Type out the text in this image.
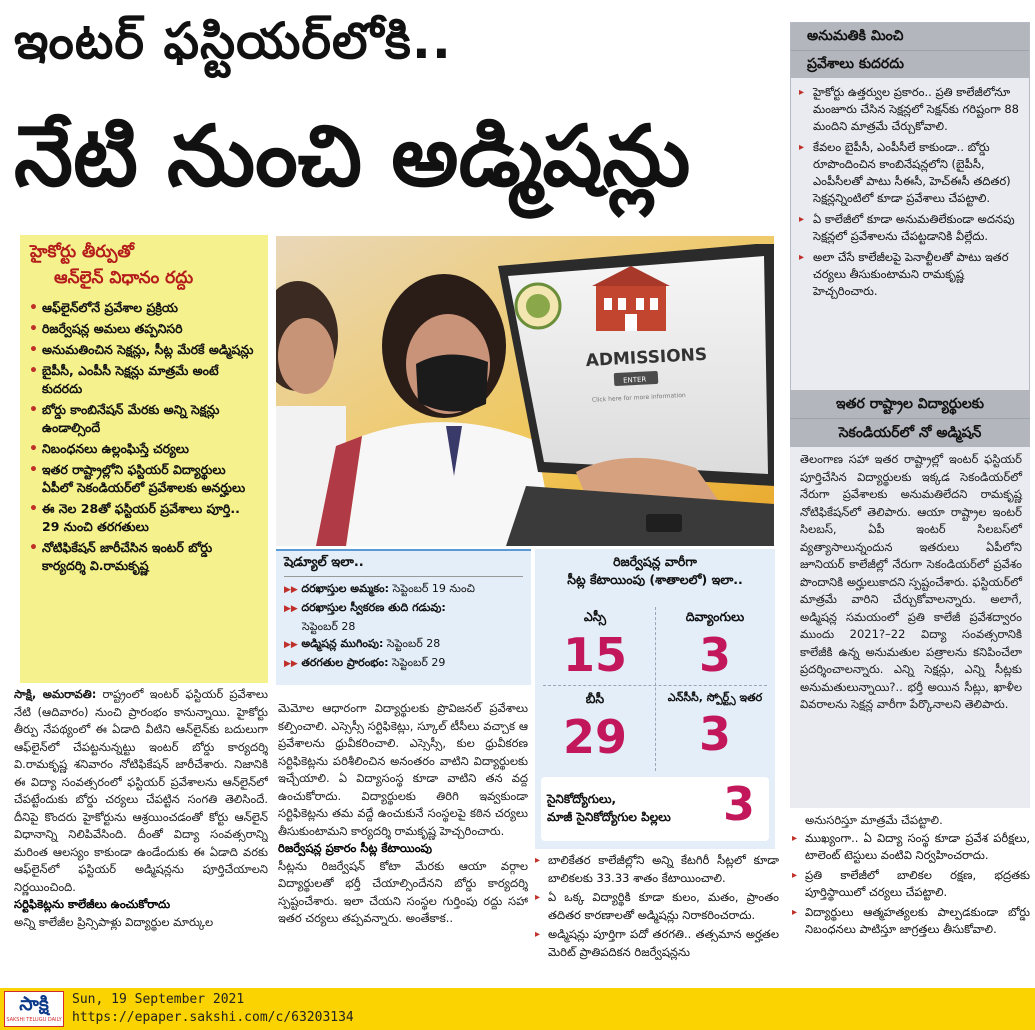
ఇంటర్ ఫస్టియర్‌లోకి..
నేటి నుంచి అడ్మిషన్లు
హైకోర్టు తీర్పుతో
ఆన్‌లైన్ విధానం రద్దు
• ఆఫ్‌లైన్‌లోనే ప్రవేశాల ప్రక్రియ
• రిజర్వేషన్ల అమలు తప్పనిసరి
• అనుమతించిన సెక్షన్లు, సీట్ల మేరకే అడ్మిషన్లు
• బైపీసీ, ఎంపీసీ సెక్షన్లు మాత్రమే అంటే కుదరదు
• బోర్డు కాంబినేషన్ మేరకు అన్ని సెక్షన్లు ఉండాల్సిందే
• నిబంధనలు ఉల్లంఘిస్తే చర్యలు
• ఇతర రాష్ట్రాల్లోని ఫస్టియర్ విద్యార్థులు ఏపీలో సెకండియర్‌లో ప్రవేశాలకు అనర్హులు
• ఈ నెల 28తో ఫస్టియర్ ప్రవేశాలు పూర్తి.. 29 నుంచి తరగతులు
• నోటిఫికేషన్ జారీచేసిన ఇంటర్ బోర్డు కార్యదర్శి వి.రామకృష్ణ
ADMISSIONS
ENTER
Click here for more information
షెడ్యూల్ ఇలా..
▶▶ దరఖాస్తుల అమ్మకం: సెప్టెంబర్ 19 నుంచి
▶▶ దరఖాస్తుల స్వీకరణ తుది గడువు:
సెప్టెంబర్ 28
▶▶ అడ్మిషన్ల ముగింపు: సెప్టెంబర్ 28
▶▶ తరగతుల ప్రారంభం: సెప్టెంబర్ 29
రిజర్వేషన్ల వారీగా
సీట్ల కేటాయింపు (శాతాలలో) ఇలా..
ఎస్సీ
15
దివ్యాంగులు
3
బీసీ
29
ఎన్‌సీసీ, స్పోర్ట్స్ ఇతర
3
సైనికోద్యోగులు,
మాజీ సైనికోద్యోగుల పిల్లలు 3
సాక్షి, అమరావతి: రాష్ట్రంలో ఇంటర్ ఫస్టియర్ ప్రవేశాలు నేటి (ఆదివారం) నుంచి ప్రారంభం కానున్నాయి. హైకోర్టు తీర్పు నేపథ్యంలో ఈ ఏడాది వీటిని ఆన్‌లైన్‌కు బదులుగా ఆఫ్‌లైన్‌లో చేపట్టనున్నట్టు ఇంటర్ బోర్డు కార్యదర్శి వి.రామకృష్ణ శనివారం నోటిఫికేషన్ జారీచేశారు. నిజానికి ఈ విద్యా సంవత్సరంలో ఫస్టియర్ ప్రవేశాలను ఆన్‌లైన్‌లో చేపట్టేందుకు బోర్డు చర్యలు చేపట్టిన సంగతి తెలిసిందే. దీనిపై కొందరు హైకోర్టును ఆశ్రయించడంతో కోర్టు ఆన్‌లైన్ విధానాన్ని నిలిపివేసింది. దీంతో విద్యా సంవత్సరాన్ని మరింత ఆలస్యం కాకుండా ఉండేందుకు ఈ ఏడాది వరకు ఆఫ్‌లైన్‌లో ఫస్టియర్ అడ్మిషన్లను పూర్తిచేయాలని నిర్ణయించింది.
సర్టిఫికెట్లను కాలేజీలు ఉంచుకోరాదు
అన్ని కాలేజీల ప్రిన్సిపాళ్లు విద్యార్థుల మార్కుల
మెమోల ఆధారంగా విద్యార్థులకు ప్రొవిజనల్ ప్రవేశాలు కల్పించాలి. ఎస్సెస్సీ సర్టిఫికెట్లు, స్కూల్ టీసీలు వచ్చాక ఆ ప్రవేశాలను ధ్రువీకరించాలి. ఎస్సెస్సీ, కుల ధ్రువీకరణ సర్టిఫికెట్లను పరిశీలించిన అనంతరం వాటిని విద్యార్థులకు ఇచ్చేయాలి. ఏ విద్యాసంస్థ కూడా వాటిని తన వద్ద ఉంచుకోరాదు. విద్యార్థులకు తిరిగి ఇవ్వకుండా సర్టిఫికెట్లను తమ వద్దే ఉంచుకునే సంస్థలపై కఠిన చర్యలు తీసుకుంటామని కార్యదర్శి రామకృష్ణ హెచ్చరించారు.
రిజర్వేషన్ల ప్రకారం సీట్ల కేటాయింపు
సీట్లను రిజర్వేషన్ కోటా మేరకు ఆయా వర్గాల విద్యార్థులతో భర్తీ చేయాల్సిందేనని బోర్డు కార్యదర్శి స్పష్టంచేశారు. ఇలా చేయని సంస్థల గుర్తింపు రద్దు సహా ఇతర చర్యలు తప్పవన్నారు. అంతేకాక..
▸ బాలికేతర కాలేజీల్లోని అన్ని కేటగిరీ సీట్లలో కూడా బాలికలకు 33.33 శాతం కేటాయించాలి.
▸ ఏ ఒక్క విద్యార్థికి కూడా కులం, మతం, ప్రాంతం తదితర కారణాలతో అడ్మిషన్లు నిరాకరించరాదు.
▸ అడ్మిషన్లు పూర్తిగా పదో తరగతి.. తత్సమాన అర్హతల మెరిట్ ప్రాతిపదికన రిజర్వేషన్లను
అనుమతికి మించి
ప్రవేశాలు కుదరదు
▸ హైకోర్టు ఉత్తర్వుల ప్రకారం.. ప్రతి కాలేజీలోనూ మంజూరు చేసిన సెక్షన్లలో సెక్షన్‌కు గరిష్టంగా 88 మందిని మాత్రమే చేర్చుకోవాలి.
▸ కేవలం బైపీసీ, ఎంపీసీలే కాకుండా.. బోర్డు రూపొందించిన కాంబినేషన్లలోని (బైపీసీ, ఎంపీసీలతో పాటు సీఈసీ, హెచ్‌ఈసీ తదితర) సెక్షన్లన్నింటిలో కూడా ప్రవేశాలు చేపట్టాలి.
▸ ఏ కాలేజీలో కూడా అనుమతిలేకుండా అదనపు సెక్షన్లలో ప్రవేశాలను చేపట్టడానికి వీల్లేదు.
▸ అలా చేసే కాలేజీలపై పెనాల్టీలతో పాటు ఇతర చర్యలు తీసుకుంటామని రామకృష్ణ హెచ్చరించారు.
ఇతర రాష్ట్రాల విద్యార్థులకు
సెకండియర్‌లో నో అడ్మిషన్
తెలంగాణ సహా ఇతర రాష్ట్రాల్లో ఇంటర్ ఫస్టియర్ పూర్తిచేసిన విద్యార్థులకు ఇక్కడ సెకండియర్‌లో నేరుగా ప్రవేశాలకు అనుమతిలేదని రామకృష్ణ నోటిఫికేషన్‌లో తెలిపారు. ఆయా రాష్ట్రాల ఇంటర్ సిలబస్, ఏపీ ఇంటర్ సిలబస్‌లో వ్యత్యాసాలున్నందున ఇతరులు ఏపీలోని జూనియర్ కాలేజీల్లో నేరుగా సెకండియర్‌లో ప్రవేశం పొందానికి అర్హులుకాదని స్పష్టంచేశారు. ఫస్టియర్‌లో మాత్రమే వారిని చేర్చుకోవాలన్నారు. అలాగే, అడ్మిషన్ల సమయంలో ప్రతి కాలేజీ ప్రవేశద్వారం ముందు 2021?–22 విద్యా సంవత్సరానికి కాలేజీకి ఉన్న అనుమతుల పత్రాలను కనిపించేలా ప్రదర్శించాలన్నారు. ఎన్ని సెక్షన్లు, ఎన్ని సీట్లకు అనుమతులున్నాయి?.. భర్తీ అయిన సీట్లు, ఖాళీల వివరాలను సెక్షన్ల వారీగా పేర్కొనాలని తెలిపారు.
అనుసరిస్తూ మాత్రమే చేపట్టాలి.
▸ ముఖ్యంగా.. ఏ విద్యా సంస్థ కూడా ప్రవేశ పరీక్షలు, టాలెంట్ టెస్టులు వంటివి నిర్వహించరాదు.
▸ ప్రతి కాలేజీలో బాలికల రక్షణ, భద్రతకు పూర్తిస్థాయిలో చర్యలు చేపట్టాలి.
▸ విద్యార్థులు ఆత్మహత్యలకు పాల్పడకుండా బోర్డు నిబంధనలు పాటిస్తూ జాగ్రత్తలు తీసుకోవాలి.
సాక్షి
SAKSHI TELUGU DAILY
Sun, 19 September 2021
https://epaper.sakshi.com/c/63203134
